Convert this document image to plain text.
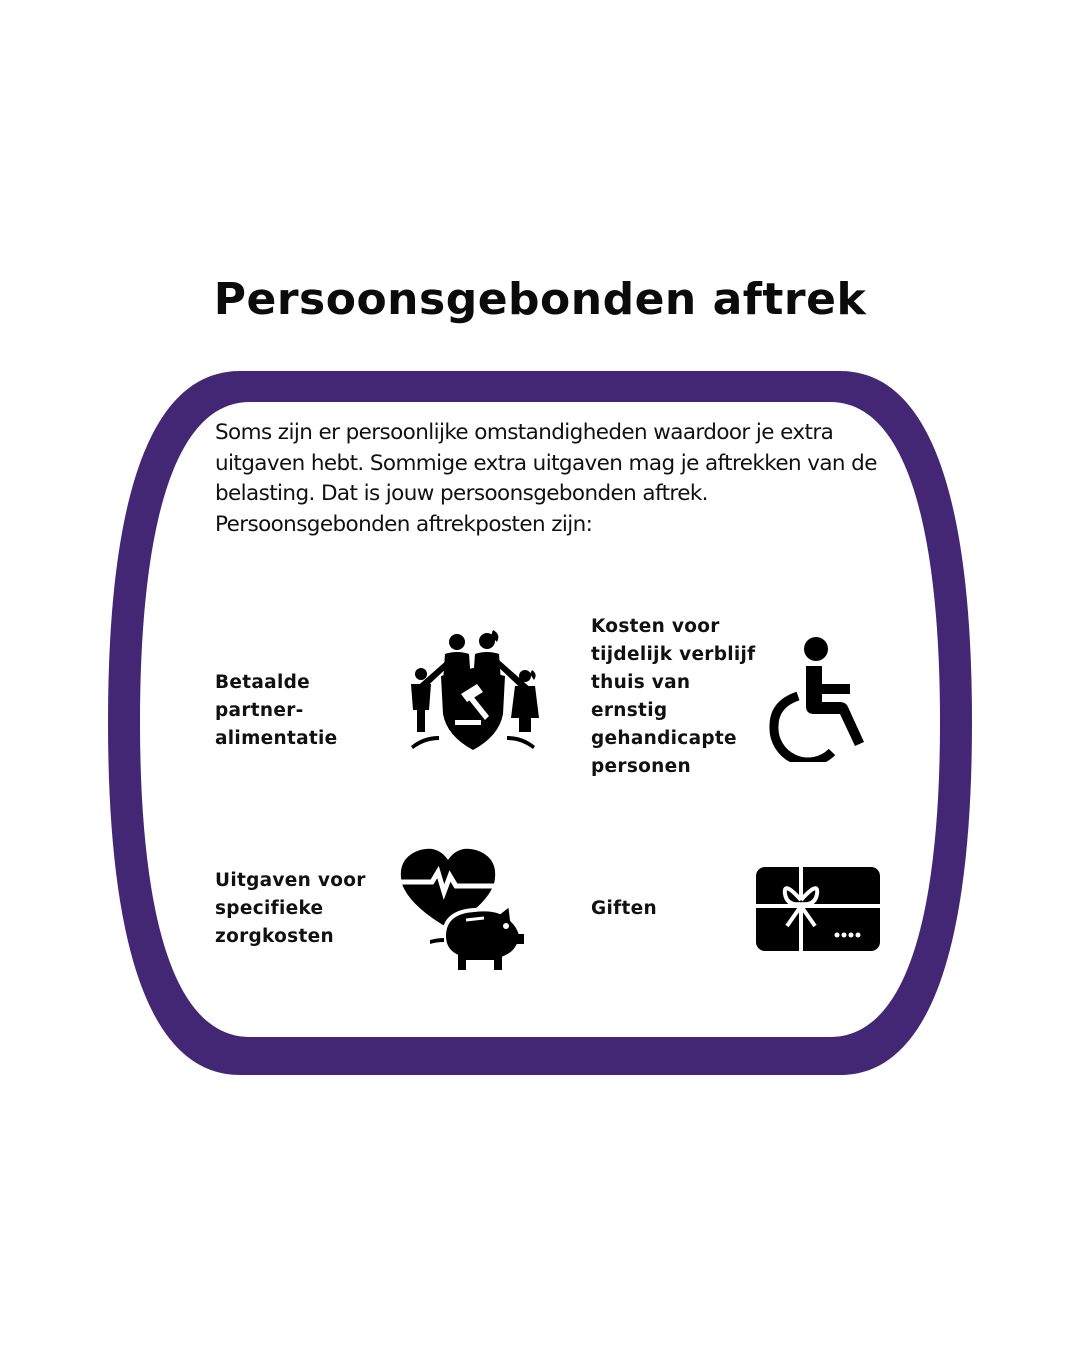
Persoonsgebonden aftrek

Soms zijn er persoonlijke omstandigheden waardoor je extra uitgaven hebt. Sommige extra uitgaven mag je aftrekken van de belasting. Dat is jouw persoonsgebonden aftrek. Persoonsgebonden aftrekposten zijn:

Betaalde partner-
alimentatie
Kosten voor
tijdelijk verblijf
thuis van
ernstig
gehandicapte
personen
Uitgaven voor
specifieke
zorgkosten
Giften
